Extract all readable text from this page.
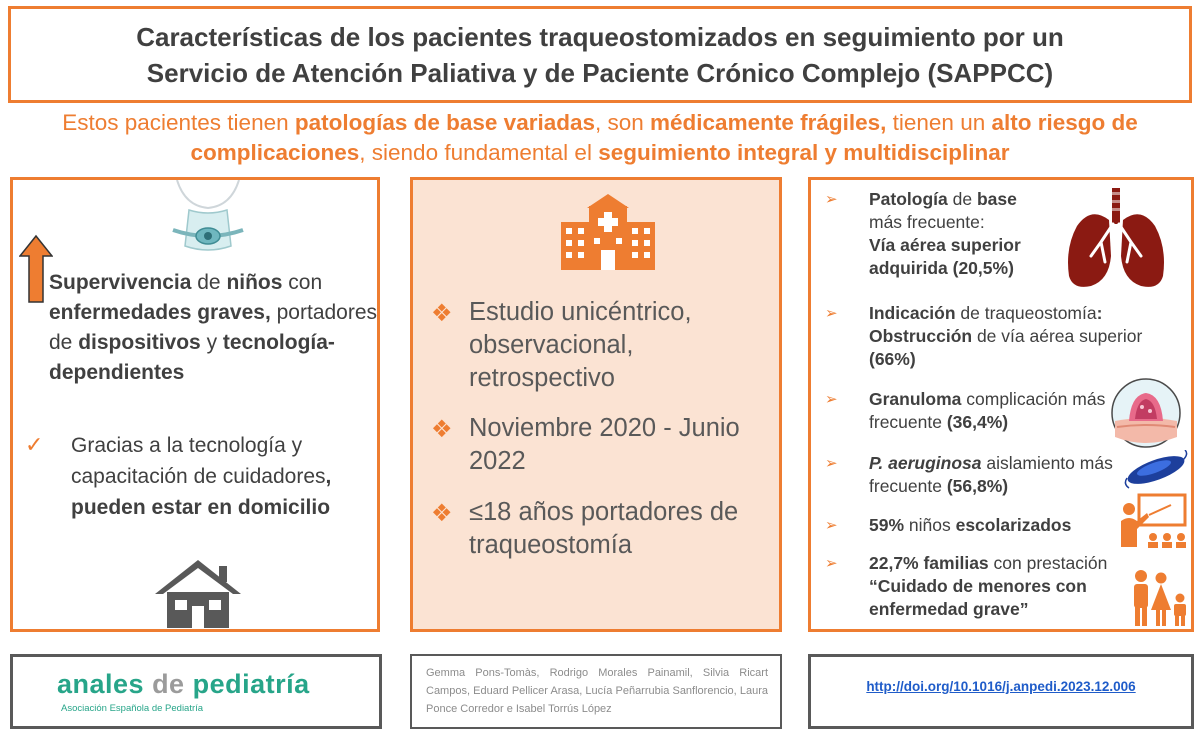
Características de los pacientes traqueostomizados en seguimiento por un
Servicio de Atención Paliativa y de Paciente Crónico Complejo (SAPPCC)
Estos pacientes tienen patologías de base variadas, son médicamente frágiles, tienen un alto riesgo de complicaciones, siendo fundamental el seguimiento integral y multidisciplinar
Supervivencia de niños con enfermedades graves, portadores de dispositivos y tecnología-dependientes
✓ Gracias a la tecnología y capacitación de cuidadores, pueden estar en domicilio
❖ Estudio unicéntrico, observacional, retrospectivo
❖ Noviembre 2020 - Junio 2022
❖ ≤18 años portadores de traqueostomía
➢	Patología de base
más frecuente:
Vía aérea superior adquirida (20,5%)
➢	Indicación de traqueostomía:
Obstrucción de vía aérea superior (66%)
➢	Granuloma complicación más frecuente (36,4%)
➢	P. aeruginosa aislamiento más frecuente (56,8%)
➢	59% niños escolarizados
➢	22,7% familias con prestación
“Cuidado de menores con enfermedad grave”
anales de pediatría
Asociación Española de Pediatría
Gemma Pons-Tomàs, Rodrigo Morales Painamil, Silvia Ricart Campos, Eduard Pellicer Arasa, Lucía Peñarrubia Sanflorencio, Laura Ponce Corredor e Isabel Torrús López
http://doi.org/10.1016/j.anpedi.2023.12.006
